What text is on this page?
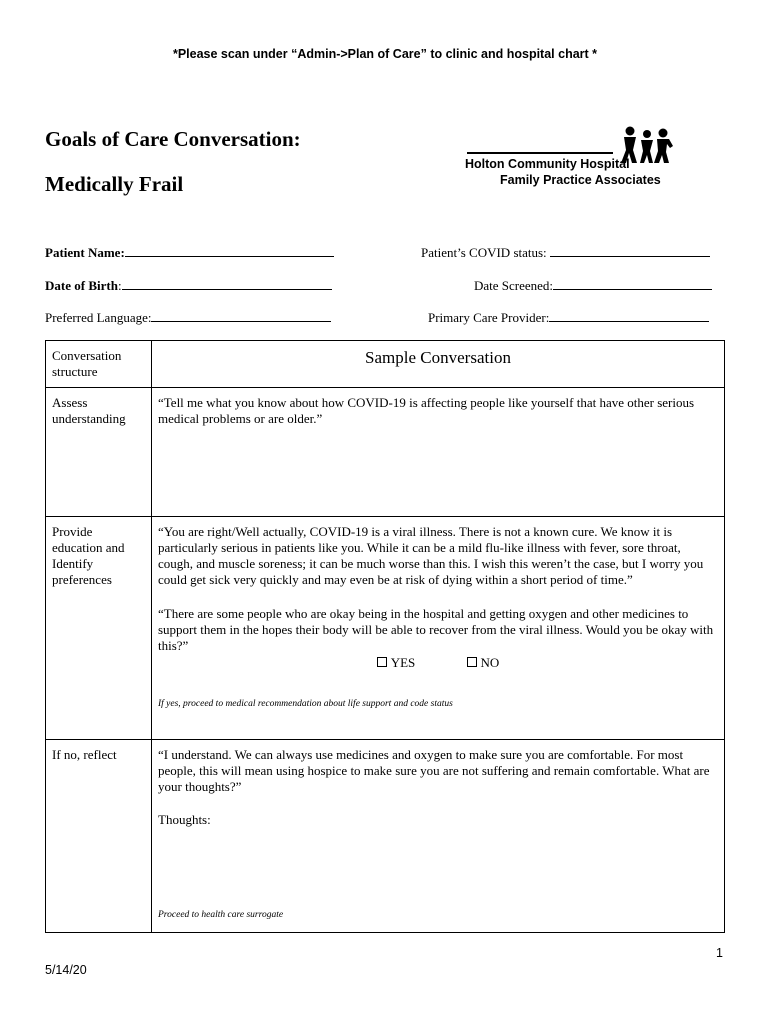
*Please scan under “Admin->Plan of Care” to clinic and hospital chart *
Goals of Care Conversation:
Medically Frail
Holton Community Hospital
Family Practice Associates
Patient Name:	Patient’s COVID status:
Date of Birth:	Date Screened:
Preferred Language:	Primary Care Provider:
Conversation structure	Sample Conversation
Assess understanding	“Tell me what you know about how COVID-19 is affecting people like yourself that have other serious medical problems or are older.”
Provide education and Identify preferences	“You are right/Well actually, COVID-19 is a viral illness. There is not a known cure. We know it is particularly serious in patients like you. While it can be a mild flu-like illness with fever, sore throat, cough, and muscle soreness; it can be much worse than this. I wish this weren’t the case, but I worry you could get sick very quickly and may even be at risk of dying within a short period of time.”

“There are some people who are okay being in the hospital and getting oxygen and other medicines to support them in the hopes their body will be able to recover from the viral illness. Would you be okay with this?”

YES NO
If yes, proceed to medical recommendation about life support and code status

If no, reflect	“I understand. We can always use medicines and oxygen to make sure you are comfortable. For most people, this will mean using hospice to make sure you are not suffering and remain comfortable. What are your thoughts?”

Thoughts:

Proceed to health care surrogate
1
5/14/20
